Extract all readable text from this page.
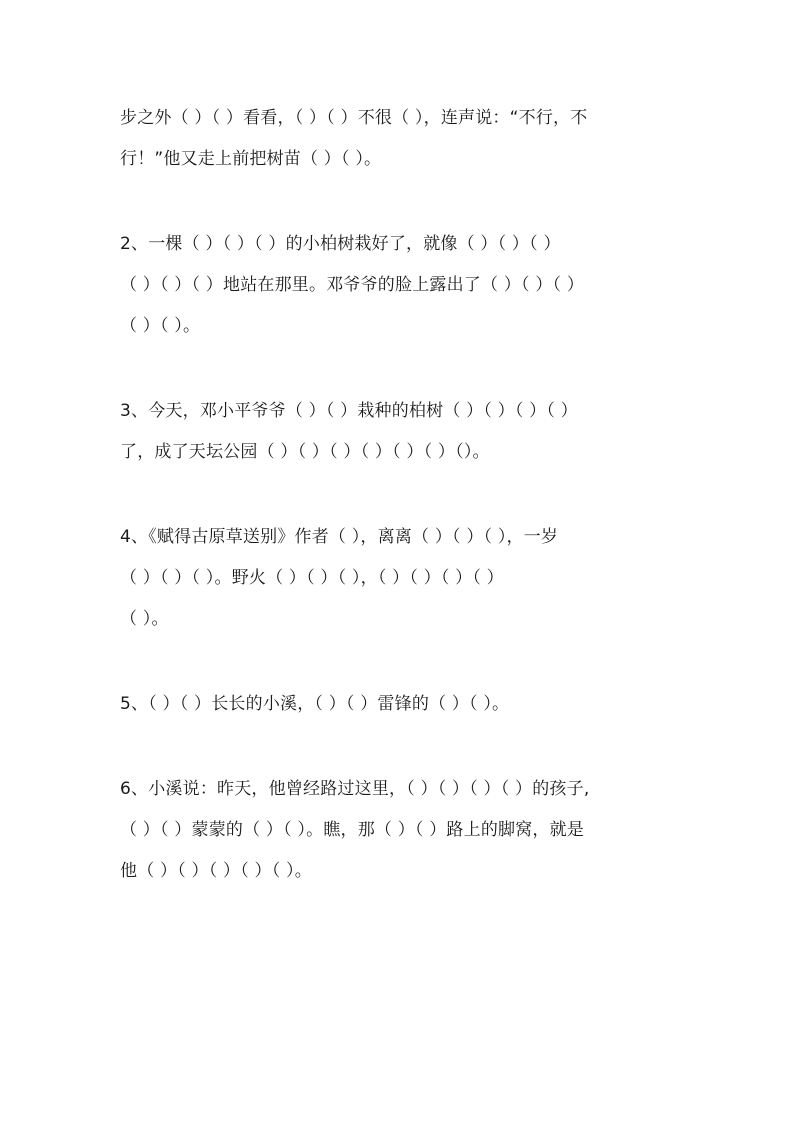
步之外（ ）（ ）看看，（ ）（ ）不很（ ），连声说：“不行，不
行！”他又走上前把树苗（ ）（ ）。

2、一棵（ ）（ ）（ ）的小柏树栽好了，就像（ ）（ ）（ ）
（ ）（ ）（ ）地站在那里。邓爷爷的脸上露出了（ ）（ ）（ ）
（ ）（ ）。

3、今天，邓小平爷爷（ ）（ ）栽种的柏树（ ）（ ）（ ）（ ）
了，成了天坛公园（ ）（ ）（ ）（ ）（ ）（ ）（）。

4、《赋得古原草送别》作者（ ），离离（ ）（ ）（ ），一岁
（ ）（ ）（ ）。野火（ ）（ ）（ ），（ ）（ ）（ ）（ ）
（ ）。

5、（ ）（ ）长长的小溪，（ ）（ ）雷锋的（ ）（ ）。

6、小溪说：昨天，他曾经路过这里，（ ）（ ）（ ）（ ）的孩子,
（ ）（ ）蒙蒙的（ ）（ ）。瞧，那（ ）（ ）路上的脚窝，就是
他（ ）（ ）（ ）（ ）（ ）。
